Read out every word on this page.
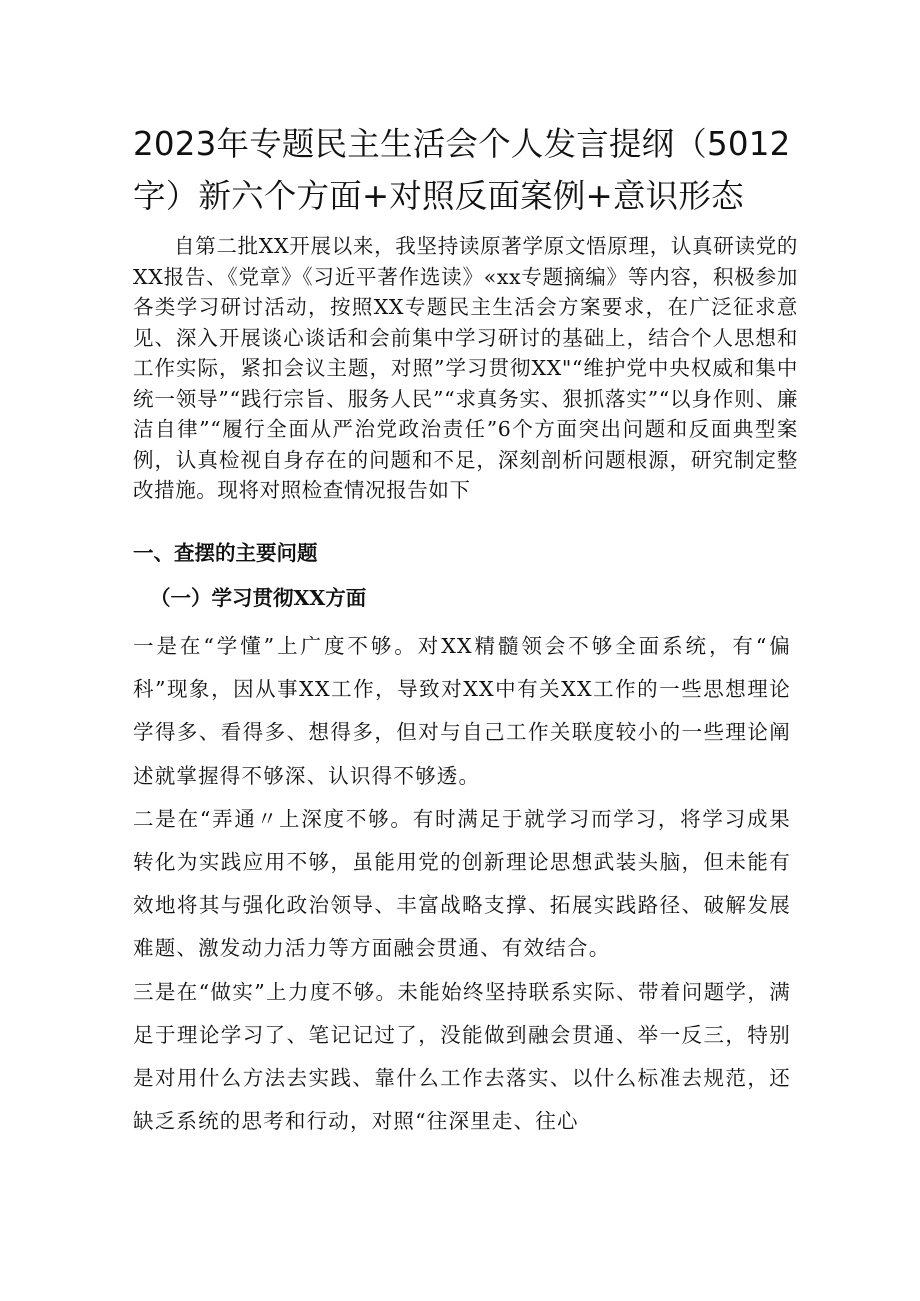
2023年专题民主生活会个人发言提纲（5012字）新六个方面+对照反面案例+意识形态

自第二批XX开展以来，我坚持读原著学原文悟原理，认真研读党的XX报告、《党章》《习近平著作选读》«xx专题摘编》等内容，积极参加各类学习研讨活动，按照XX专题民主生活会方案要求，在广泛征求意见、深入开展谈心谈话和会前集中学习研讨的基础上，结合个人思想和工作实际，紧扣会议主题，对照”学习贯彻XX"“维护党中央权威和集中统一领导”“践行宗旨、服务人民”“求真务实、狠抓落实”“以身作则、廉洁自律”“履行全面从严治党政治责任”6个方面突出问题和反面典型案例，认真检视自身存在的问题和不足，深刻剖析问题根源，研究制定整改措施。现将对照检查情况报告如下

一、查摆的主要问题
（一）学习贯彻XX方面

一是在“学懂”上广度不够。对XX精髓领会不够全面系统，有“偏科”现象，因从事XX工作，导致对XX中有关XX工作的一些思想理论学得多、看得多、想得多，但对与自己工作关联度较小的一些理论阐述就掌握得不够深、认识得不够透。

二是在“弄通〃上深度不够。有时满足于就学习而学习，将学习成果转化为实践应用不够，虽能用党的创新理论思想武装头脑，但未能有效地将其与强化政治领导、丰富战略支撑、拓展实践路径、破解发展难题、激发动力活力等方面融会贯通、有效结合。

三是在“做实”上力度不够。未能始终坚持联系实际、带着问题学，满足于理论学习了、笔记记过了，没能做到融会贯通、举一反三，特别是对用什么方法去实践、靠什么工作去落实、以什么标准去规范，还缺乏系统的思考和行动，对照“往深里走、往心
